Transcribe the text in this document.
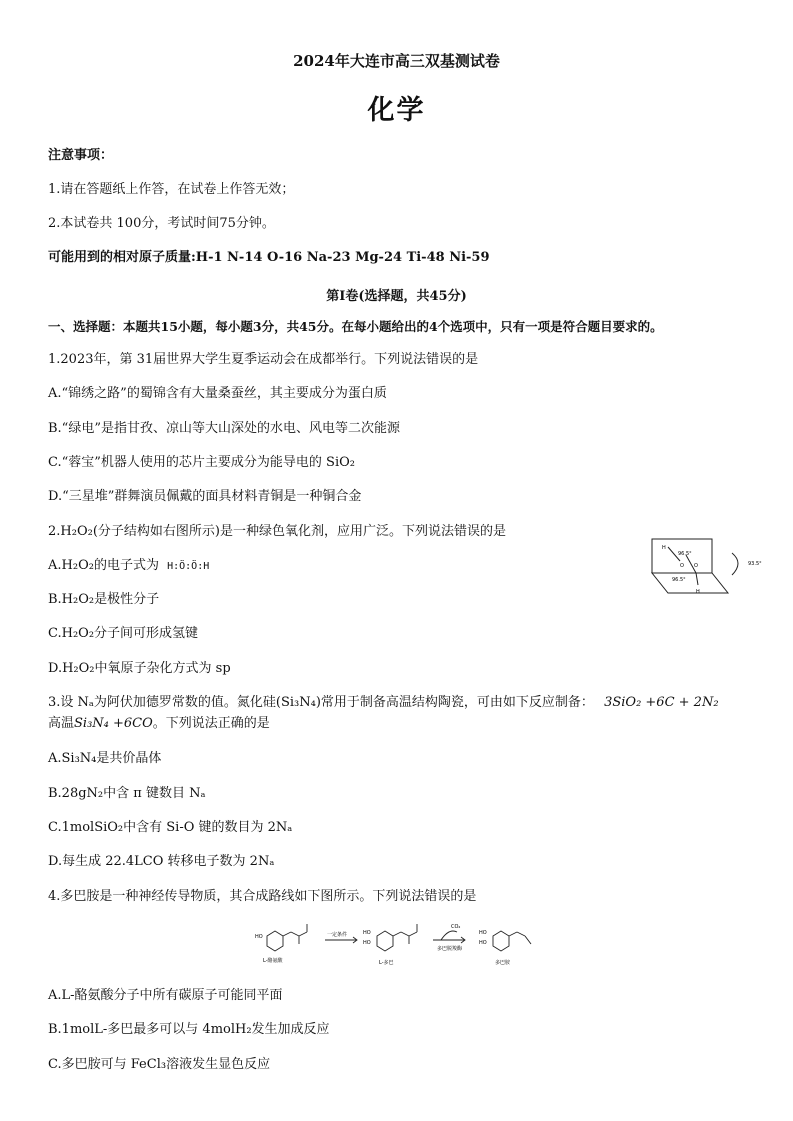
2024年大连市高三双基测试卷
化学
注意事项：
1.请在答题纸上作答，在试卷上作答无效；
2.本试卷共 100分，考试时间75分钟。
可能用到的相对原子质量:H-1 N-14 O-16 Na-23 Mg-24 Ti-48 Ni-59
第Ⅰ卷(选择题，共45分)
一、选择题：本题共15小题，每小题3分，共45分。在每小题给出的4个选项中，只有一项是符合题目要求的。
1.2023年，第 31届世界大学生夏季运动会在成都举行。下列说法错误的是
A.“锦绣之路”的蜀锦含有大量桑蚕丝，其主要成分为蛋白质
B.“绿电”是指甘孜、凉山等大山深处的水电、风电等二次能源
C.“蓉宝”机器人使用的芯片主要成分为能导电的 SiO₂
D.“三星堆”群舞演员佩戴的面具材料青铜是一种铜合金
2.H₂O₂(分子结构如右图所示)是一种绿色氧化剂，应用广泛。下列说法错误的是
A.H₂O₂的电子式为 H:Ö:Ö:H
B.H₂O₂是极性分子
C.H₂O₂分子间可形成氢键
D.H₂O₂中氧原子杂化方式为 sp
H
O O
H
96.5°
96.5°
93.5°
3.设 Nₐ为阿伏加德罗常数的值。氮化硅(Si₃N₄)常用于制备高温结构陶瓷，可由如下反应制备： 3SiO₂ +6C + 2N₂
高温Si₃N₄ +6CO。下列说法正确的是
A.Si₃N₄是共价晶体
B.28gN₂中含 π 键数目 Nₐ
C.1molSiO₂中含有 Si-O 键的数目为 2Nₐ
D.每生成 22.4LCO 转移电子数为 2Nₐ
4.多巴胺是一种神经传导物质，其合成路线如下图所示。下列说法错误的是
HO
HO
HO
HO
HO
L-酪氨酸
一定条件
L-多巴
CO₂
多巴脱羧酶
多巴胺
A.L-酪氨酸分子中所有碳原子可能同平面
B.1molL-多巴最多可以与 4molH₂发生加成反应
C.多巴胺可与 FeCl₃溶液发生显色反应
